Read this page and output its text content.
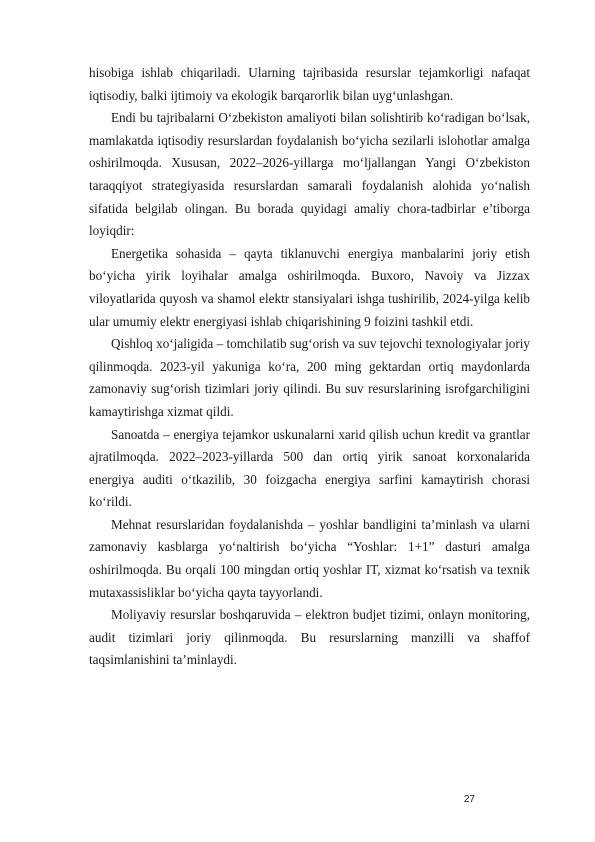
hisobiga ishlab chiqariladi. Ularning tajribasida resurslar tejamkorligi nafaqat iqtisodiy, balki ijtimoiy va ekologik barqarorlik bilan uyg‘unlashgan.

Endi bu tajribalarni O‘zbekiston amaliyoti bilan solishtirib ko‘radigan bo‘lsak, mamlakatda iqtisodiy resurslardan foydalanish bo‘yicha sezilarli islohotlar amalga oshirilmoqda. Xususan, 2022–2026-yillarga mo‘ljallangan Yangi O‘zbekiston taraqqiyot strategiyasida resurslardan samarali foydalanish alohida yo‘nalish sifatida belgilab olingan. Bu borada quyidagi amaliy chora-tadbirlar e’tiborga loyiqdir:

Energetika sohasida – qayta tiklanuvchi energiya manbalarini joriy etish bo‘yicha yirik loyihalar amalga oshirilmoqda. Buxoro, Navoiy va Jizzax viloyatlarida quyosh va shamol elektr stansiyalari ishga tushirilib, 2024-yilga kelib ular umumiy elektr energiyasi ishlab chiqarishining 9 foizini tashkil etdi.

Qishloq xo‘jaligida – tomchilatib sug‘orish va suv tejovchi texnologiyalar joriy qilinmoqda. 2023-yil yakuniga ko‘ra, 200 ming gektardan ortiq maydonlarda zamonaviy sug‘orish tizimlari joriy qilindi. Bu suv resurslarining isrofgarchiligini kamaytirishga xizmat qildi.

Sanoatda – energiya tejamkor uskunalarni xarid qilish uchun kredit va grantlar ajratilmoqda. 2022–2023-yillarda 500 dan ortiq yirik sanoat korxonalarida energiya auditi o‘tkazilib, 30 foizgacha energiya sarfini kamaytirish chorasi ko‘rildi.

Mehnat resurslaridan foydalanishda – yoshlar bandligini ta’minlash va ularni zamonaviy kasblarga yo‘naltirish bo‘yicha “Yoshlar: 1+1” dasturi amalga oshirilmoqda. Bu orqali 100 mingdan ortiq yoshlar IT, xizmat ko‘rsatish va texnik mutaxassisliklar bo‘yicha qayta tayyorlandi.

Moliyaviy resurslar boshqaruvida – elektron budjet tizimi, onlayn monitoring, audit tizimlari joriy qilinmoqda. Bu resurslarning manzilli va shaffof taqsimlanishini ta’minlaydi.

27
